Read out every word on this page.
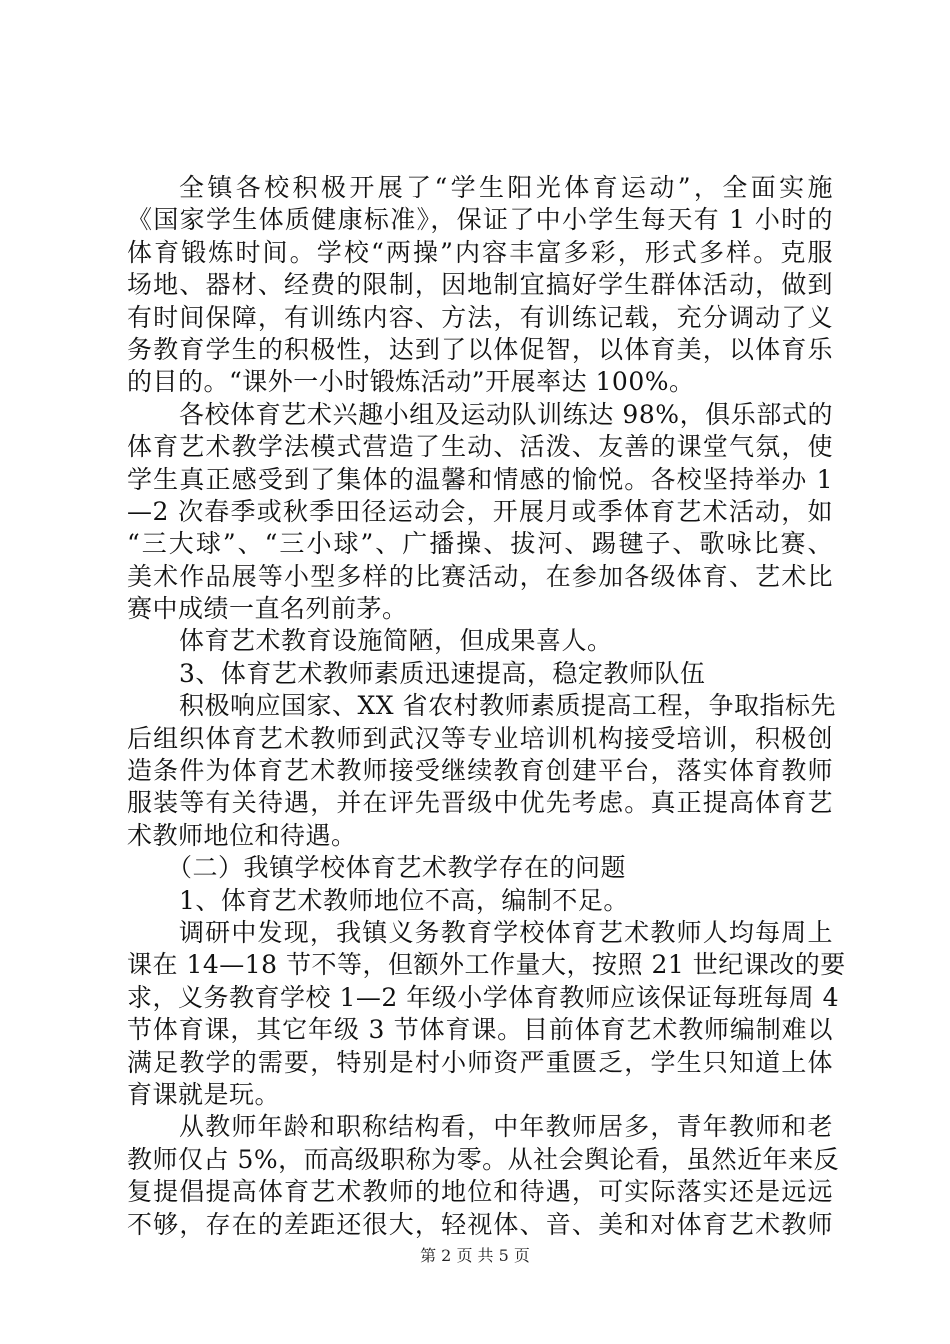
全镇各校积极开展了“学生阳光体育运动”，全面实施
《国家学生体质健康标准》，保证了中小学生每天有 1 小时的
体育锻炼时间。学校“两操”内容丰富多彩，形式多样。克服
场地、器材、经费的限制，因地制宜搞好学生群体活动，做到
有时间保障，有训练内容、方法，有训练记载，充分调动了义
务教育学生的积极性，达到了以体促智，以体育美，以体育乐
的目的。“课外一小时锻炼活动”开展率达 100%。
各校体育艺术兴趣小组及运动队训练达 98%，俱乐部式的
体育艺术教学法模式营造了生动、活泼、友善的课堂气氛，使
学生真正感受到了集体的温馨和情感的愉悦。各校坚持举办 1
—2 次春季或秋季田径运动会，开展月或季体育艺术活动，如
“三大球”、“三小球”、广播操、拔河、踢毽子、歌咏比赛、
美术作品展等小型多样的比赛活动，在参加各级体育、艺术比
赛中成绩一直名列前茅。
体育艺术教育设施简陋，但成果喜人。
3、体育艺术教师素质迅速提高，稳定教师队伍
积极响应国家、XX 省农村教师素质提高工程，争取指标先
后组织体育艺术教师到武汉等专业培训机构接受培训，积极创
造条件为体育艺术教师接受继续教育创建平台，落实体育教师
服装等有关待遇，并在评先晋级中优先考虑。真正提高体育艺
术教师地位和待遇。
（二）我镇学校体育艺术教学存在的问题
1、体育艺术教师地位不高，编制不足。
调研中发现，我镇义务教育学校体育艺术教师人均每周上
课在 14—18 节不等，但额外工作量大，按照 21 世纪课改的要
求，义务教育学校 1—2 年级小学体育教师应该保证每班每周 4
节体育课，其它年级 3 节体育课。目前体育艺术教师编制难以
满足教学的需要，特别是村小师资严重匮乏，学生只知道上体
育课就是玩。
从教师年龄和职称结构看，中年教师居多，青年教师和老
教师仅占 5%，而高级职称为零。从社会舆论看，虽然近年来反
复提倡提高体育艺术教师的地位和待遇，可实际落实还是远远
不够，存在的差距还很大，轻视体、音、美和对体育艺术教师
第 2 页 共 5 页
